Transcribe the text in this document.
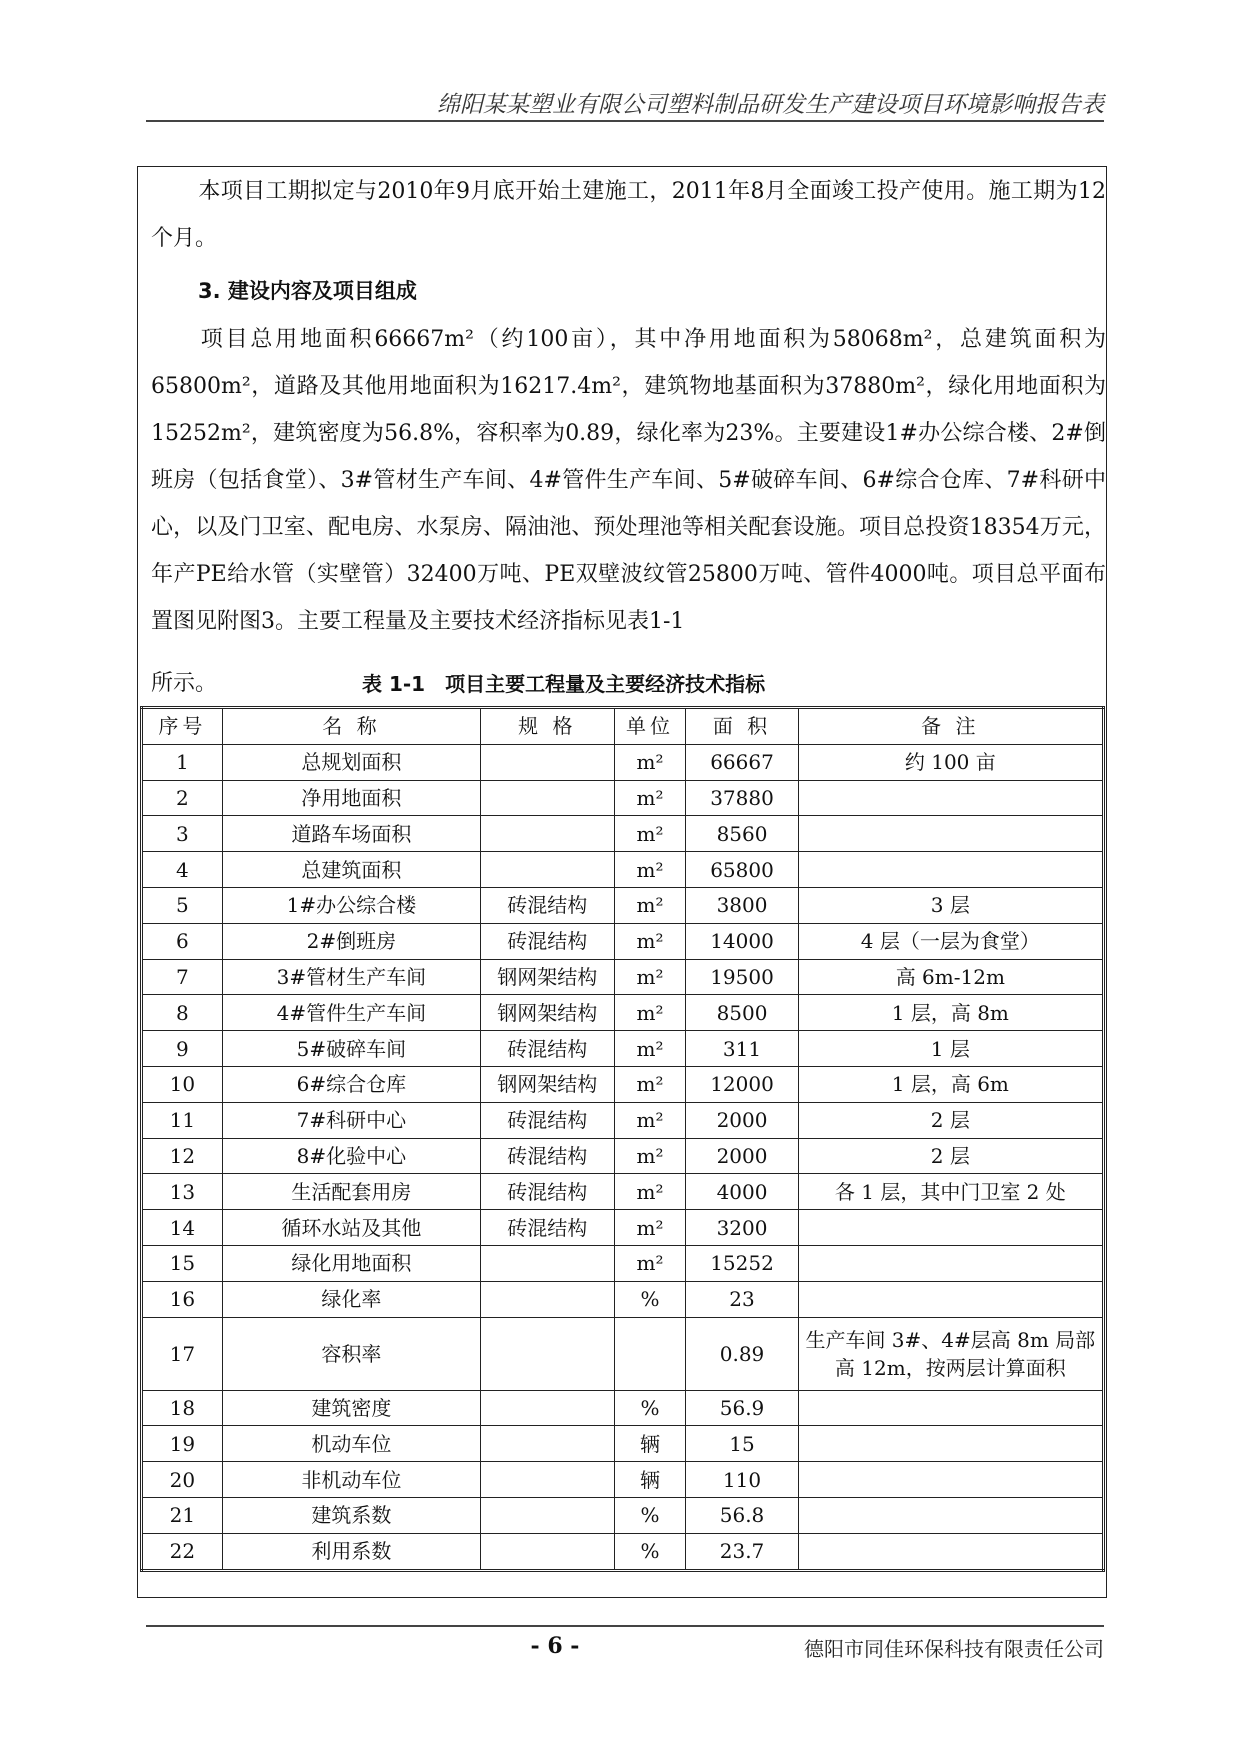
绵阳某某塑业有限公司塑料制品研发生产建设项目环境影响报告表
本项目工期拟定与2010年9月底开始土建施工，2011年8月全面竣工投产使用。施工期为12个月。
3. 建设内容及项目组成
项目总用地面积66667m²（约100亩），其中净用地面积为58068m²，总建筑面积为65800m²，道路及其他用地面积为16217.4m²，建筑物地基面积为37880m²，绿化用地面积为15252m²，建筑密度为56.8%，容积率为0.89，绿化率为23%。主要建设1#办公综合楼、2#倒班房（包括食堂）、3#管材生产车间、4#管件生产车间、5#破碎车间、6#综合仓库、7#科研中心，以及门卫室、配电房、水泵房、隔油池、预处理池等相关配套设施。项目总投资18354万元，年产PE给水管（实壁管）32400万吨、PE双壁波纹管25800万吨、管件4000吨。项目总平面布置图见附图3。主要工程量及主要技术经济指标见表1-1
所示。	表 1-1　项目主要工程量及主要经济技术指标
序号	名 称	规 格	单位	面 积	备 注
1	总规划面积		m²	66667	约 100 亩
2	净用地面积		m²	37880	
3	道路车场面积		m²	8560	
4	总建筑面积		m²	65800	
5	1#办公综合楼	砖混结构	m²	3800	3 层
6	2#倒班房	砖混结构	m²	14000	4 层（一层为食堂）
7	3#管材生产车间	钢网架结构	m²	19500	高 6m-12m
8	4#管件生产车间	钢网架结构	m²	8500	1 层，高 8m
9	5#破碎车间	砖混结构	m²	311	1 层
10	6#综合仓库	钢网架结构	m²	12000	1 层，高 6m
11	7#科研中心	砖混结构	m²	2000	2 层
12	8#化验中心	砖混结构	m²	2000	2 层
13	生活配套用房	砖混结构	m²	4000	各 1 层，其中门卫室 2 处
14	循环水站及其他	砖混结构	m²	3200	
15	绿化用地面积		m²	15252	
16	绿化率		%	23	
17	容积率			0.89	生产车间 3#、4#层高 8m 局部高 12m，按两层计算面积
18	建筑密度		%	56.9	
19	机动车位		辆	15	
20	非机动车位		辆	110	
21	建筑系数		%	56.8	
22	利用系数		%	23.7	
- 6 -	德阳市同佳环保科技有限责任公司
